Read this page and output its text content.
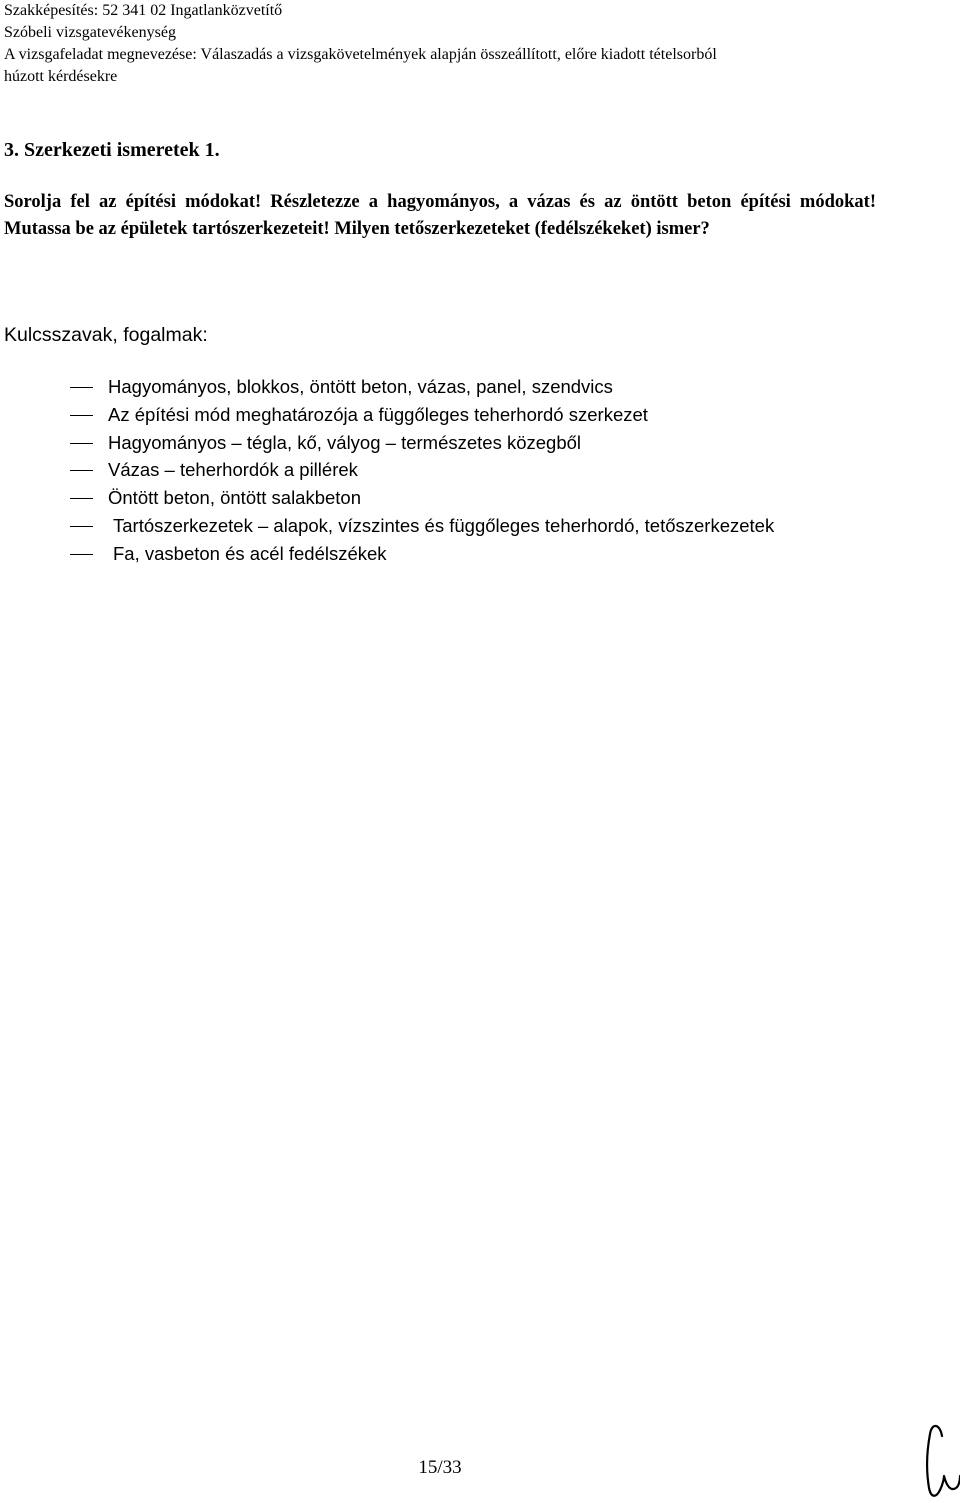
Szakképesítés: 52 341 02 Ingatlanközvetítő
Szóbeli vizsgatevékenység
A vizsgafeladat megnevezése: Válaszadás a vizsgakövetelmények alapján összeállított, előre kiadott tételsorból
húzott kérdésekre
3. Szerkezeti ismeretek 1.
Sorolja fel az építési módokat! Részletezze a hagyományos, a vázas és az öntött beton építési módokat! Mutassa be az épületek tartószerkezeteit! Milyen tetőszerkezeteket (fedélszékeket) ismer?
Kulcsszavak, fogalmak:
Hagyományos, blokkos, öntött beton, vázas, panel, szendvics
Az építési mód meghatározója a függőleges teherhordó szerkezet
Hagyományos – tégla, kő, vályog – természetes közegből
Vázas – teherhordók a pillérek
Öntött beton, öntött salakbeton
Tartószerkezetek – alapok, vízszintes és függőleges teherhordó, tetőszerkezetek
Fa, vasbeton és acél fedélszékek
15/33
